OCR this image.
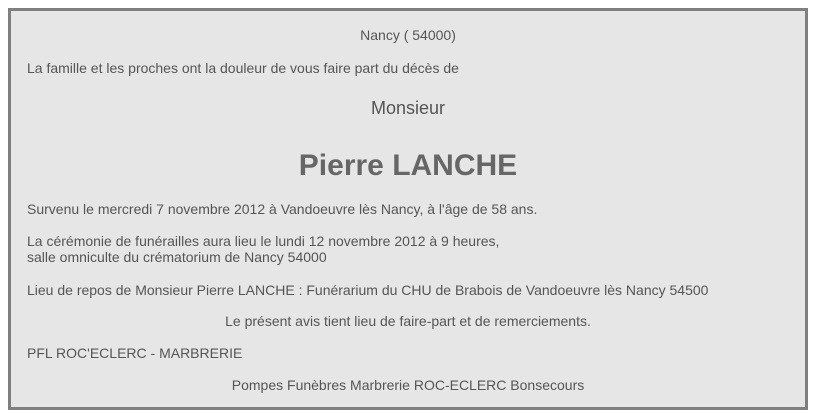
Nancy ( 54000)
La famille et les proches ont la douleur de vous faire part du décès de
Monsieur
Pierre LANCHE
Survenu le mercredi 7 novembre 2012 à Vandoeuvre lès Nancy, à l'âge de 58 ans.
La cérémonie de funérailles aura lieu le lundi 12 novembre 2012 à 9 heures,
salle omniculte du crématorium de Nancy 54000
Lieu de repos de Monsieur Pierre LANCHE : Funérarium du CHU de Brabois de Vandoeuvre lès Nancy 54500
Le présent avis tient lieu de faire-part et de remerciements.
PFL ROC'ECLERC - MARBRERIE
Pompes Funèbres Marbrerie ROC-ECLERC Bonsecours
